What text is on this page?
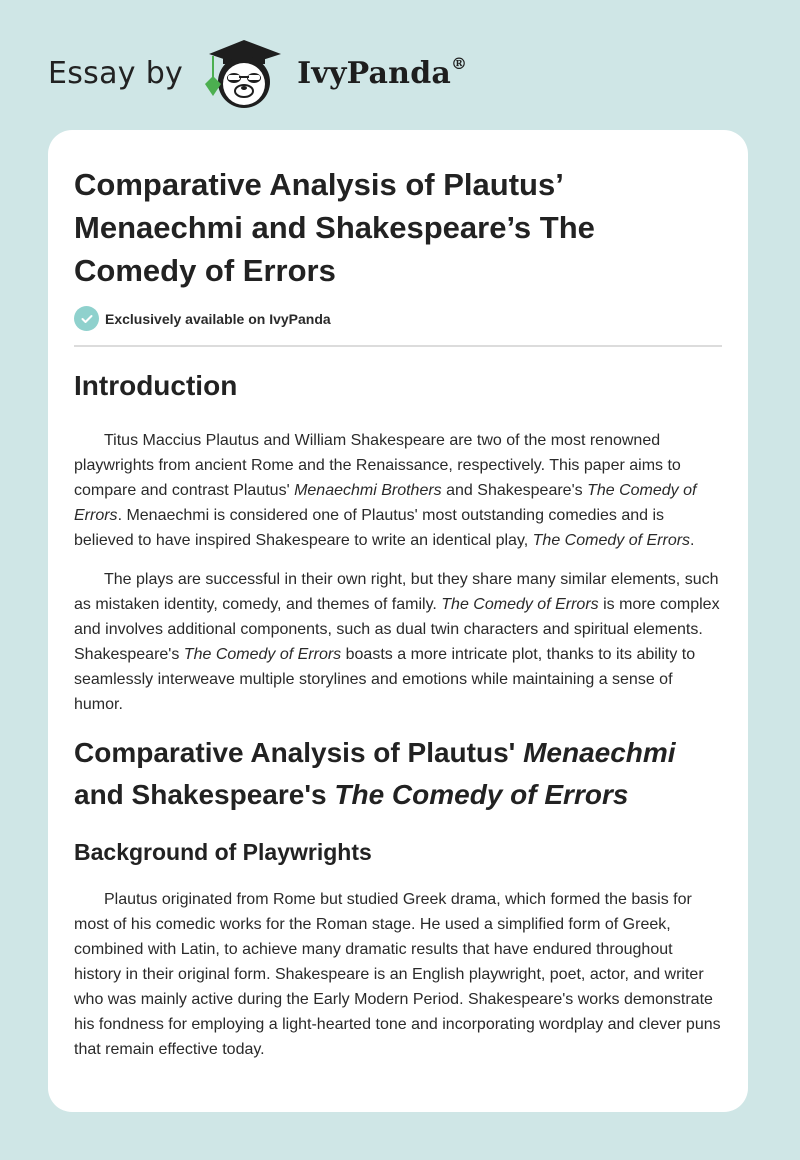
Essay by	IvyPanda®
Comparative Analysis of Plautus’ Menaechmi and Shakespeare’s The Comedy of Errors
Exclusively available on IvyPanda
Introduction

Titus Maccius Plautus and William Shakespeare are two of the most renowned playwrights from ancient Rome and the Renaissance, respectively. This paper aims to compare and contrast Plautus' Menaechmi Brothers and Shakespeare's The Comedy of Errors. Menaechmi is considered one of Plautus' most outstanding comedies and is believed to have inspired Shakespeare to write an identical play, The Comedy of Errors.

The plays are successful in their own right, but they share many similar elements, such as mistaken identity, comedy, and themes of family. The Comedy of Errors is more complex and involves additional components, such as dual twin characters and spiritual elements. Shakespeare's The Comedy of Errors boasts a more intricate plot, thanks to its ability to seamlessly interweave multiple storylines and emotions while maintaining a sense of humor.

Comparative Analysis of Plautus' Menaechmi and Shakespeare's The Comedy of Errors
Background of Playwrights

Plautus originated from Rome but studied Greek drama, which formed the basis for most of his comedic works for the Roman stage. He used a simplified form of Greek, combined with Latin, to achieve many dramatic results that have endured throughout history in their original form. Shakespeare is an English playwright, poet, actor, and writer who was mainly active during the Early Modern Period. Shakespeare's works demonstrate his fondness for employing a light-hearted tone and incorporating wordplay and clever puns that remain effective today.
